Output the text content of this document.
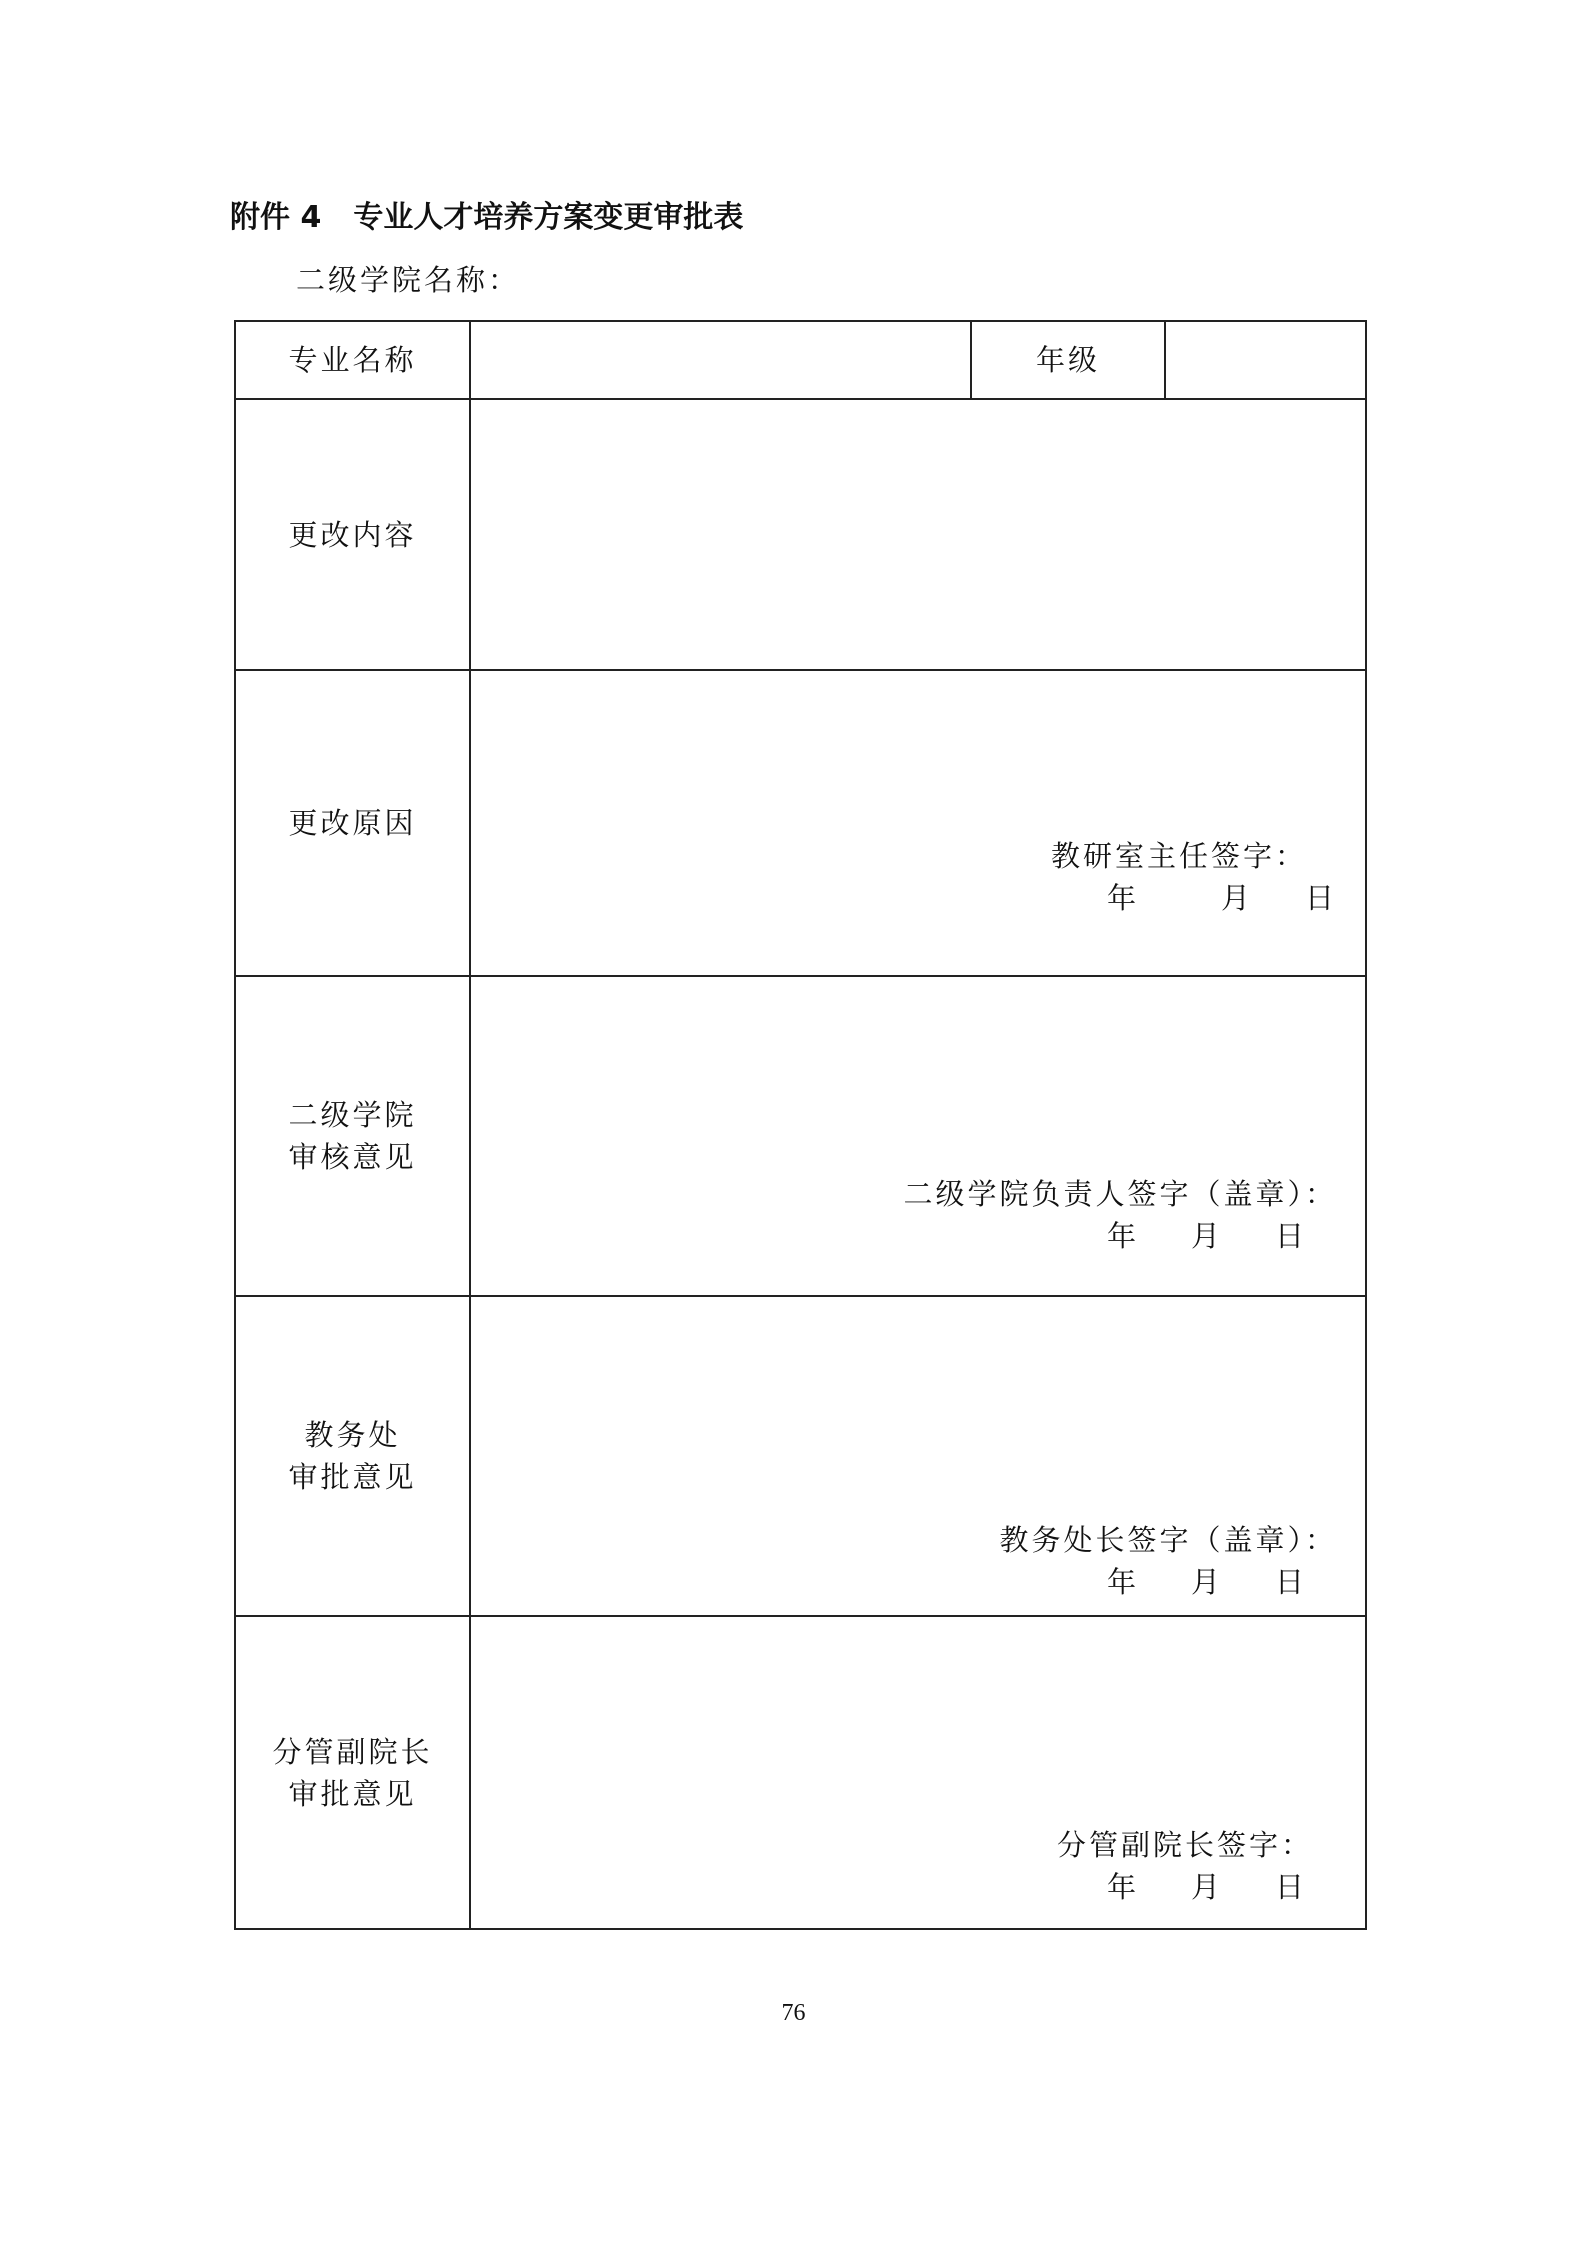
附件 4 专业人才培养方案变更审批表
二级学院名称：
专业名称		年级	
更改内容			
更改原因	教研室主任签字：
年 月 日		

二级学院
审核意见	二级学院负责人签字（盖章）：
年 月 日		

教务处
审批意见	教务处长签字（盖章）：
年 月 日		

分管副院长
审批意见	分管副院长签字：
年 月 日		
76
